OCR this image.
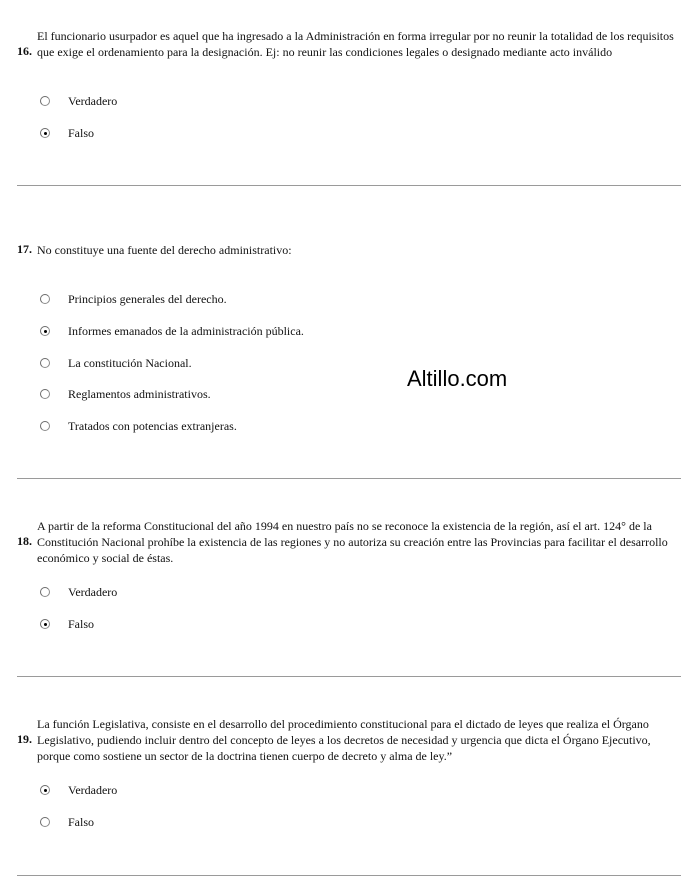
16.
El funcionario usurpador es aquel que ha ingresado a la Administración en forma irregular por no reunir la totalidad de los requisitos que exige el ordenamiento para la designación. Ej: no reunir las condiciones legales o designado mediante acto inválido
Verdadero
Falso
17. No constituye una fuente del derecho administrativo:
Principios generales del derecho.
Informes emanados de la administración pública.
La constitución Nacional.
Reglamentos administrativos.
Tratados con potencias extranjeras.
Altillo.com
18.
A partir de la reforma Constitucional del año 1994 en nuestro país no se reconoce la existencia de la región, así el art. 124° de la Constitución Nacional prohíbe la existencia de las regiones y no autoriza su creación entre las Provincias para facilitar el desarrollo económico y social de éstas.
Verdadero
Falso
19.
La función Legislativa, consiste en el desarrollo del procedimiento constitucional para el dictado de leyes que realiza el Órgano Legislativo, pudiendo incluir dentro del concepto de leyes a los decretos de necesidad y urgencia que dicta el Órgano Ejecutivo, porque como sostiene un sector de la doctrina tienen cuerpo de decreto y alma de ley.”
Verdadero
Falso
